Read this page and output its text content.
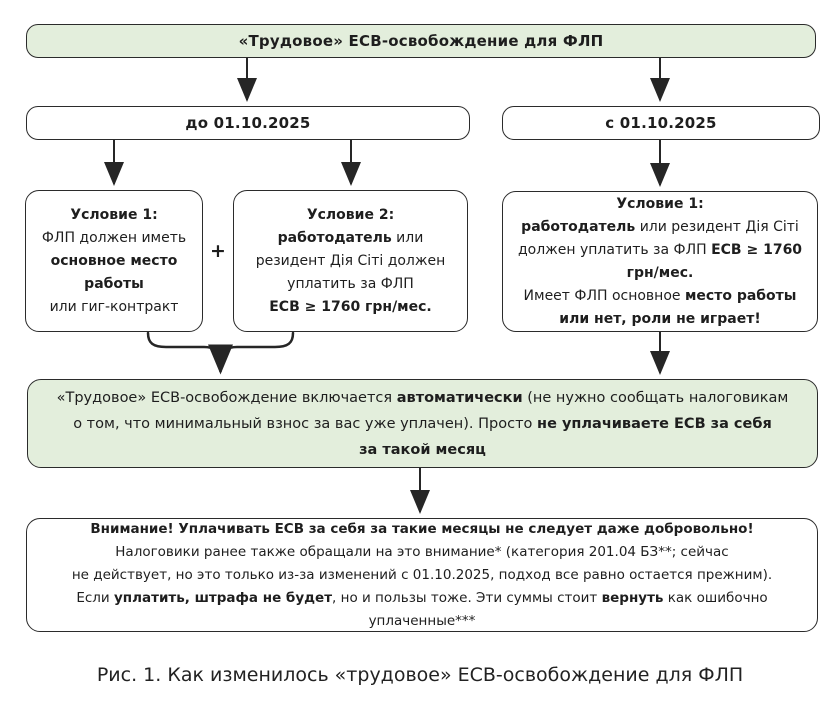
«Трудовое» ЕСВ-освобождение для ФЛП
до 01.10.2025	с 01.10.2025
Условие 1:
ФЛП должен иметь
основное место
работы
или гиг-контракт
+
Условие 2:
работодатель или
резидент Дія Сіті должен
уплатить за ФЛП
ЕСВ ≥ 1760 грн/мес.
Условие 1:
работодатель или резидент Дія Сіті
должен уплатить за ФЛП ЕСВ ≥ 1760
грн/мес.
Имеет ФЛП основное место работы
или нет, роли не играет!
«Трудовое» ЕСВ-освобождение включается автоматически (не нужно сообщать налоговикам
о том, что минимальный взнос за вас уже уплачен). Просто не уплачиваете ЕСВ за себя
за такой месяц
Внимание! Уплачивать ЕСВ за себя за такие месяцы не следует даже добровольно!
Налоговики ранее также обращали на это внимание* (категория 201.04 БЗ**; сейчас
не действует, но это только из-за изменений с 01.10.2025, подход все равно остается прежним).
Если уплатить, штрафа не будет, но и пользы тоже. Эти суммы стоит вернуть как ошибочно
уплаченные***
Рис. 1. Как изменилось «трудовое» ЕСВ-освобождение для ФЛП
